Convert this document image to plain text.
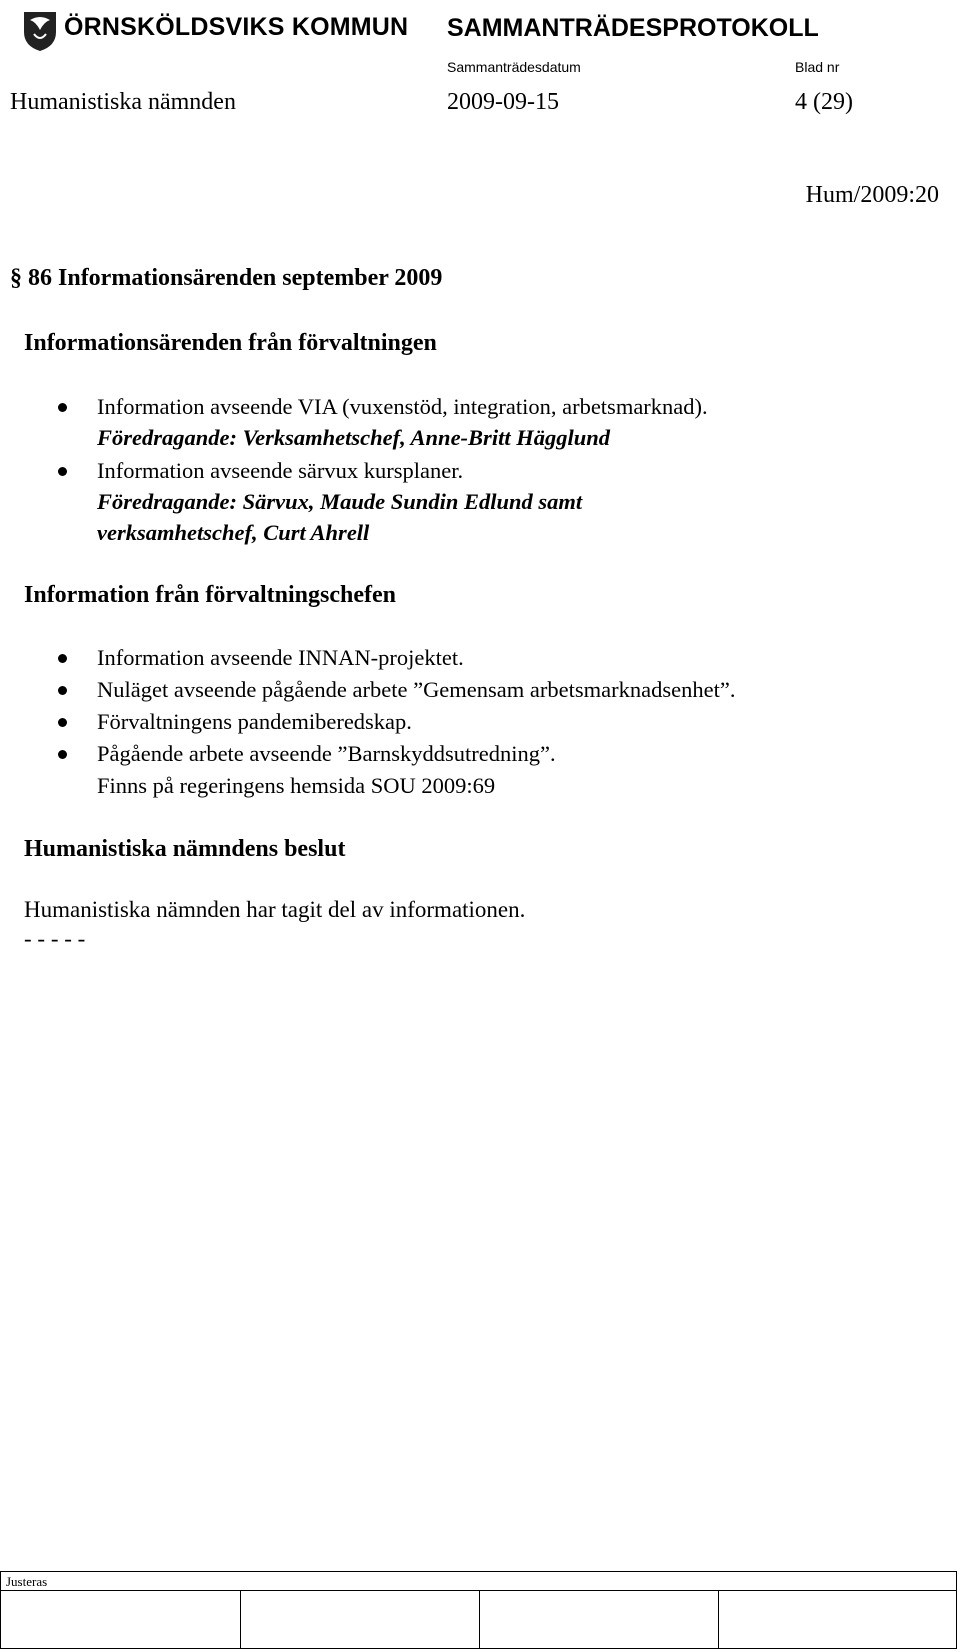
ÖRNSKÖLDSVIKS KOMMUN SAMMANTRÄDESPROTOKOLL
Sammanträdesdatum	Blad nr
Humanistiska nämnden	2009-09-15	4 (29)
Hum/2009:20
§ 86 Informationsärenden september 2009
Informationsärenden från förvaltningen
Information avseende VIA (vuxenstöd, integration, arbetsmarknad).
Föredragande: Verksamhetschef, Anne-Britt Hägglund
Information avseende särvux kursplaner.
Föredragande: Särvux, Maude Sundin Edlund samt
verksamhetschef, Curt Ahrell
Information från förvaltningschefen
Information avseende INNAN-projektet.
Nuläget avseende pågående arbete ”Gemensam arbetsmarknadsenhet”.
Förvaltningens pandemiberedskap.
Pågående arbete avseende ”Barnskyddsutredning”.
Finns på regeringens hemsida SOU 2009:69
Humanistiska nämndens beslut
Humanistiska nämnden har tagit del av informationen.
- - - - -
Justeras
